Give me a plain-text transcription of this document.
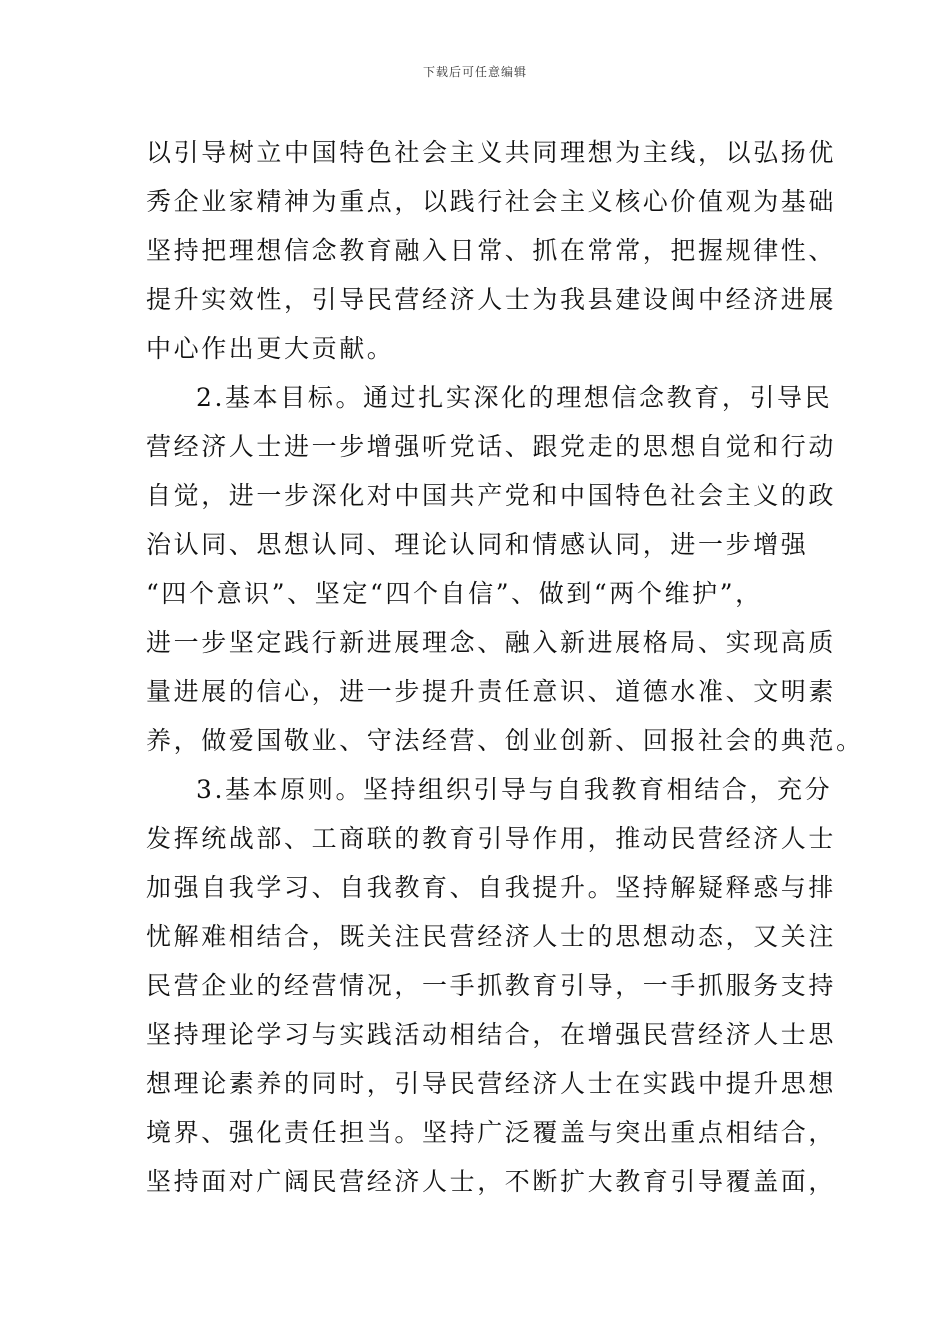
下载后可任意编辑
以引导树立中国特色社会主义共同理想为主线，以弘扬优
秀企业家精神为重点，以践行社会主义核心价值观为基础
坚持把理想信念教育融入日常、抓在常常，把握规律性、
提升实效性，引导民营经济人士为我县建设闽中经济进展
中心作出更大贡献。
2.基本目标。通过扎实深化的理想信念教育，引导民
营经济人士进一步增强听党话、跟党走的思想自觉和行动
自觉，进一步深化对中国共产党和中国特色社会主义的政
治认同、思想认同、理论认同和情感认同，进一步增强
“四个意识”、坚定“四个自信”、做到“两个维护”，
进一步坚定践行新进展理念、融入新进展格局、实现高质
量进展的信心，进一步提升责任意识、道德水准、文明素
养，做爱国敬业、守法经营、创业创新、回报社会的典范。
3.基本原则。坚持组织引导与自我教育相结合，充分
发挥统战部、工商联的教育引导作用，推动民营经济人士
加强自我学习、自我教育、自我提升。坚持解疑释惑与排
忧解难相结合，既关注民营经济人士的思想动态，又关注
民营企业的经营情况，一手抓教育引导，一手抓服务支持
坚持理论学习与实践活动相结合，在增强民营经济人士思
想理论素养的同时，引导民营经济人士在实践中提升思想
境界、强化责任担当。坚持广泛覆盖与突出重点相结合，
坚持面对广阔民营经济人士，不断扩大教育引导覆盖面，
